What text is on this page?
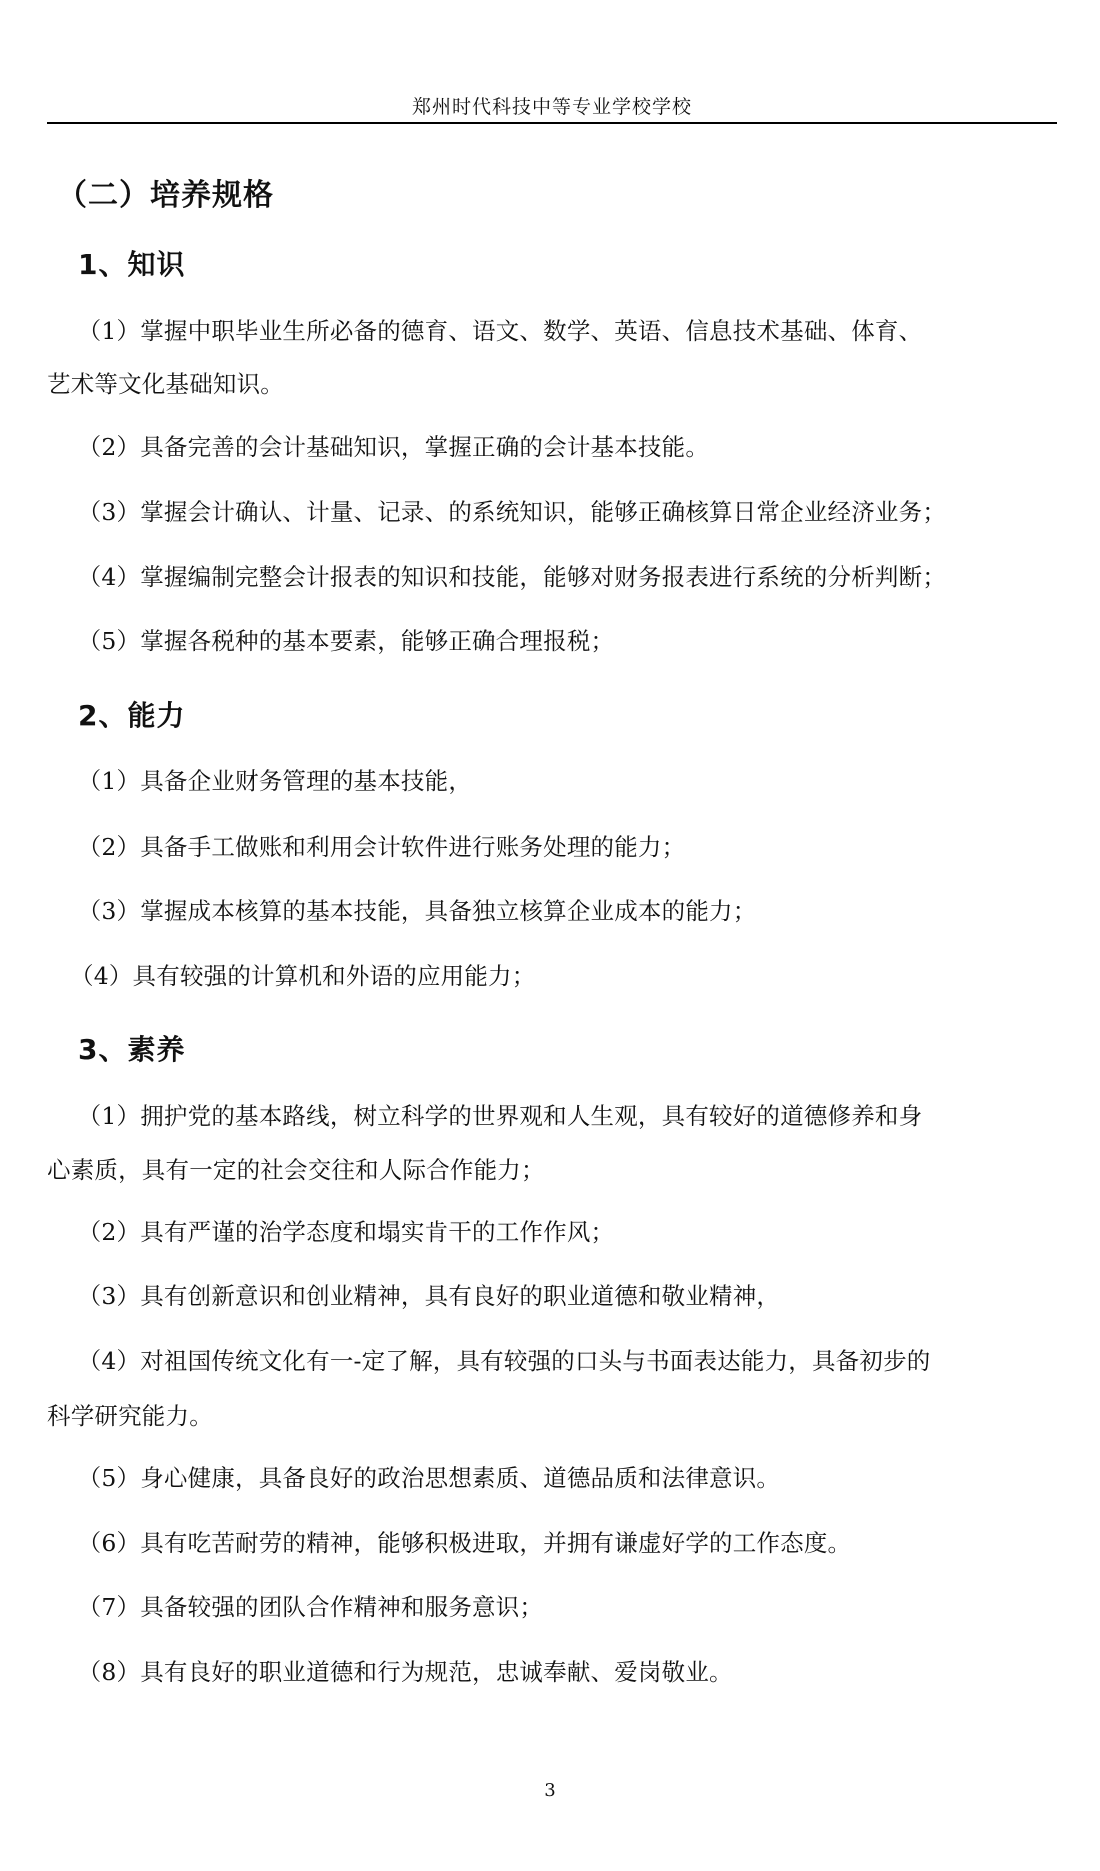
郑州时代科技中等专业学校学校
（二）培养规格
1、知识
（1）掌握中职毕业生所必备的德育、语文、数学、英语、信息技术基础、体育、
艺术等文化基础知识。
（2）具备完善的会计基础知识，掌握正确的会计基本技能。
（3）掌握会计确认、计量、记录、的系统知识，能够正确核算日常企业经济业务；
（4）掌握编制完整会计报表的知识和技能，能够对财务报表进行系统的分析判断；
（5）掌握各税种的基本要素，能够正确合理报税；
2、能力
（1）具备企业财务管理的基本技能，
（2）具备手工做账和利用会计软件进行账务处理的能力；
（3）掌握成本核算的基本技能，具备独立核算企业成本的能力；
（4）具有较强的计算机和外语的应用能力；
3、素养
（1）拥护党的基本路线，树立科学的世界观和人生观，具有较好的道德修养和身
心素质，具有一定的社会交往和人际合作能力；
（2）具有严谨的治学态度和塌实肯干的工作作风；
（3）具有创新意识和创业精神，具有良好的职业道德和敬业精神，
（4）对祖国传统文化有一-定了解，具有较强的口头与书面表达能力，具备初步的
科学研究能力。
（5）身心健康，具备良好的政治思想素质、道德品质和法律意识。
（6）具有吃苦耐劳的精神，能够积极进取，并拥有谦虚好学的工作态度。
（7）具备较强的团队合作精神和服务意识；
（8）具有良好的职业道德和行为规范，忠诚奉献、爱岗敬业。
3
